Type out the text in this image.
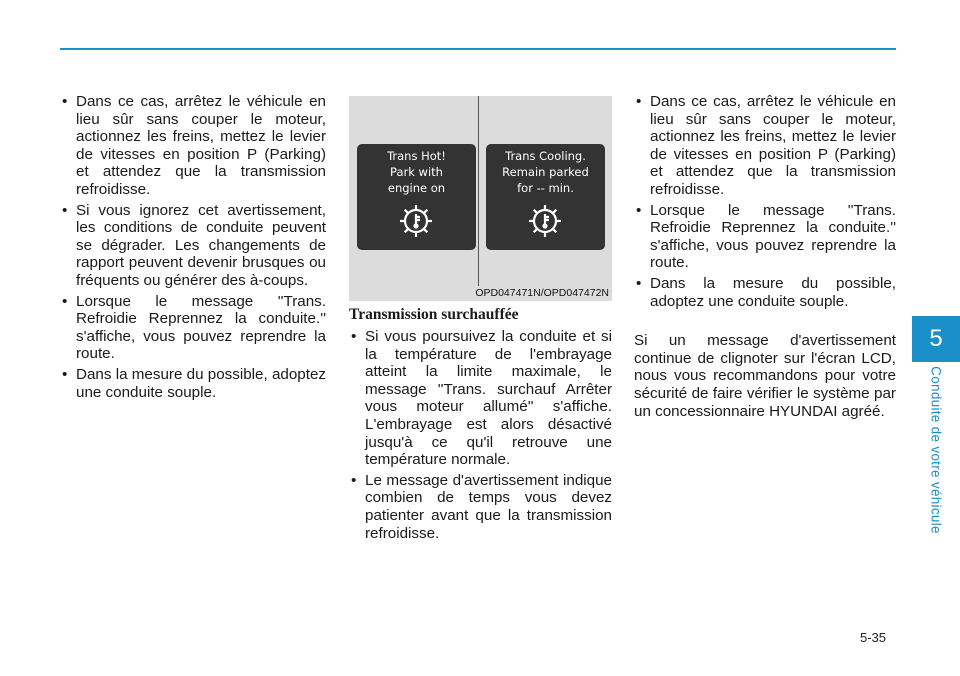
• Dans ce cas, arrêtez le véhicule en lieu sûr sans couper le moteur, actionnez les freins, mettez le levier de vitesses en position P (Parking) et attendez que la transmission refroidisse.
• Si vous ignorez cet avertissement, les conditions de conduite peuvent se dégrader. Les changements de rapport peuvent devenir brusques ou fréquents ou générer des à-coups.
• Lorsque le message ''Trans. Refroidie Reprennez la conduite.'' s'affiche, vous pouvez reprendre la route.
• Dans la mesure du possible, adoptez une conduite souple.
Trans Hot!
Park with
engine on
Trans Cooling.
Remain parked
for -- min.
OPD047471N/OPD047472N
Transmission surchauffée
• Si vous poursuivez la conduite et si la température de l'embrayage atteint la limite maximale, le message ''Trans. surchauf Arrêter vous moteur allumé'' s'affiche. L'embrayage est alors désactivé jusqu'à ce qu'il retrouve une température normale.
• Le message d'avertissement indique combien de temps vous devez patienter avant que la transmission refroidisse.
• Dans ce cas, arrêtez le véhicule en lieu sûr sans couper le moteur, actionnez les freins, mettez le levier de vitesses en position P (Parking) et attendez que la transmission refroidisse.
• Lorsque le message ''Trans. Refroidie Reprennez la conduite.'' s'affiche, vous pouvez reprendre la route.
• Dans la mesure du possible, adoptez une conduite souple.

Si un message d'avertissement continue de clignoter sur l'écran LCD, nous vous recommandons pour votre sécurité de faire vérifier le système par un concessionnaire HYUNDAI agréé.

5
Conduite de votre véhicule
5-35
